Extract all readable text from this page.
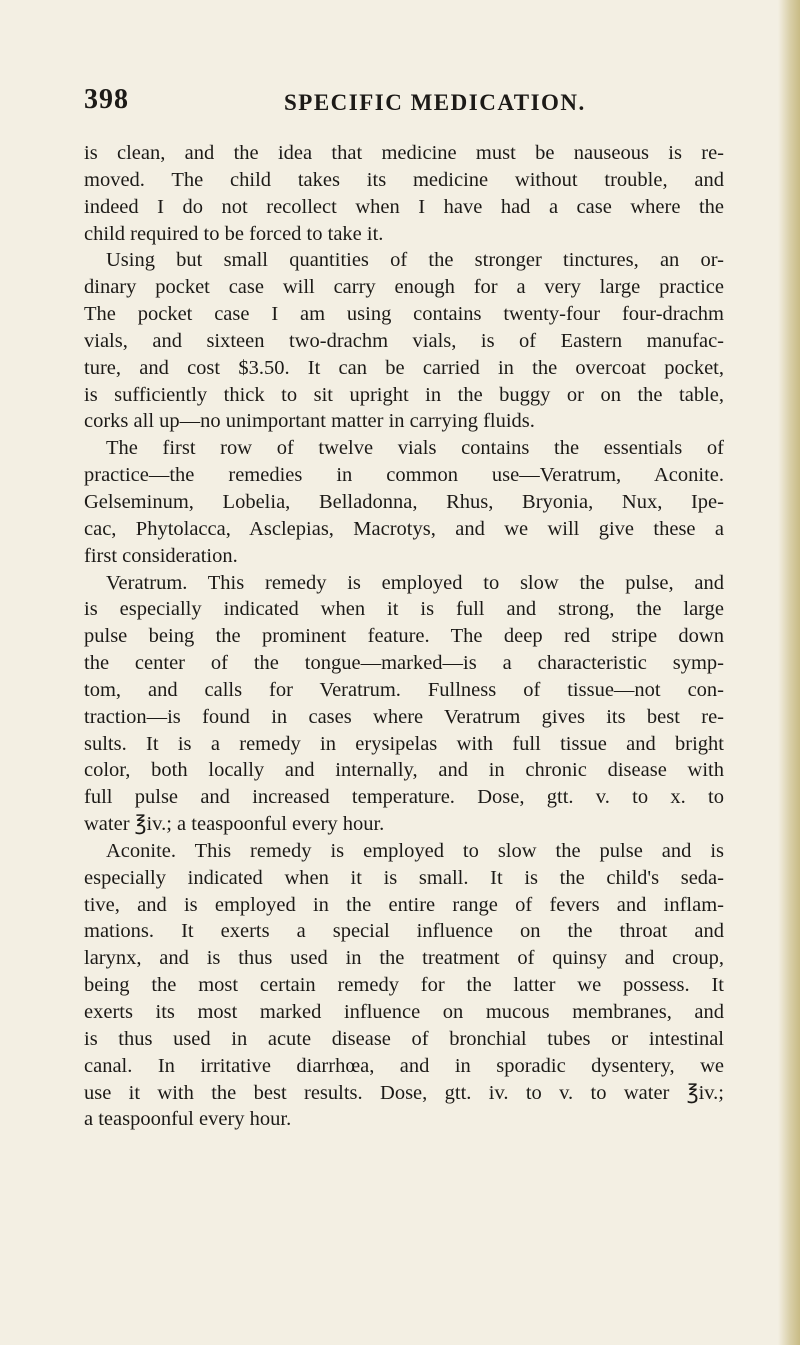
398	SPECIFIC MEDICATION.
is clean, and the idea that medicine must be nauseous is re-
moved. The child takes its medicine without trouble, and
indeed I do not recollect when I have had a case where the
child required to be forced to take it.
Using but small quantities of the stronger tinctures, an or-
dinary pocket case will carry enough for a very large practice
The pocket case I am using contains twenty-four four-drachm
vials, and sixteen two-drachm vials, is of Eastern manufac-
ture, and cost $3.50. It can be carried in the overcoat pocket,
is sufficiently thick to sit upright in the buggy or on the table,
corks all up—no unimportant matter in carrying fluids.
The first row of twelve vials contains the essentials of
practice—the remedies in common use—Veratrum, Aconite.
Gelseminum, Lobelia, Belladonna, Rhus, Bryonia, Nux, Ipe-
cac, Phytolacca, Asclepias, Macrotys, and we will give these a
first consideration.
Veratrum. This remedy is employed to slow the pulse, and
is especially indicated when it is full and strong, the large
pulse being the prominent feature. The deep red stripe down
the center of the tongue—marked—is a characteristic symp-
tom, and calls for Veratrum. Fullness of tissue—not con-
traction—is found in cases where Veratrum gives its best re-
sults. It is a remedy in erysipelas with full tissue and bright
color, both locally and internally, and in chronic disease with
full pulse and increased temperature. Dose, gtt. v. to x. to
water ℥iv.; a teaspoonful every hour.
Aconite. This remedy is employed to slow the pulse and is
especially indicated when it is small. It is the child's seda-
tive, and is employed in the entire range of fevers and inflam-
mations. It exerts a special influence on the throat and
larynx, and is thus used in the treatment of quinsy and croup,
being the most certain remedy for the latter we possess. It
exerts its most marked influence on mucous membranes, and
is thus used in acute disease of bronchial tubes or intestinal
canal. In irritative diarrhœa, and in sporadic dysentery, we
use it with the best results. Dose, gtt. iv. to v. to water ℥iv.;
a teaspoonful every hour.
